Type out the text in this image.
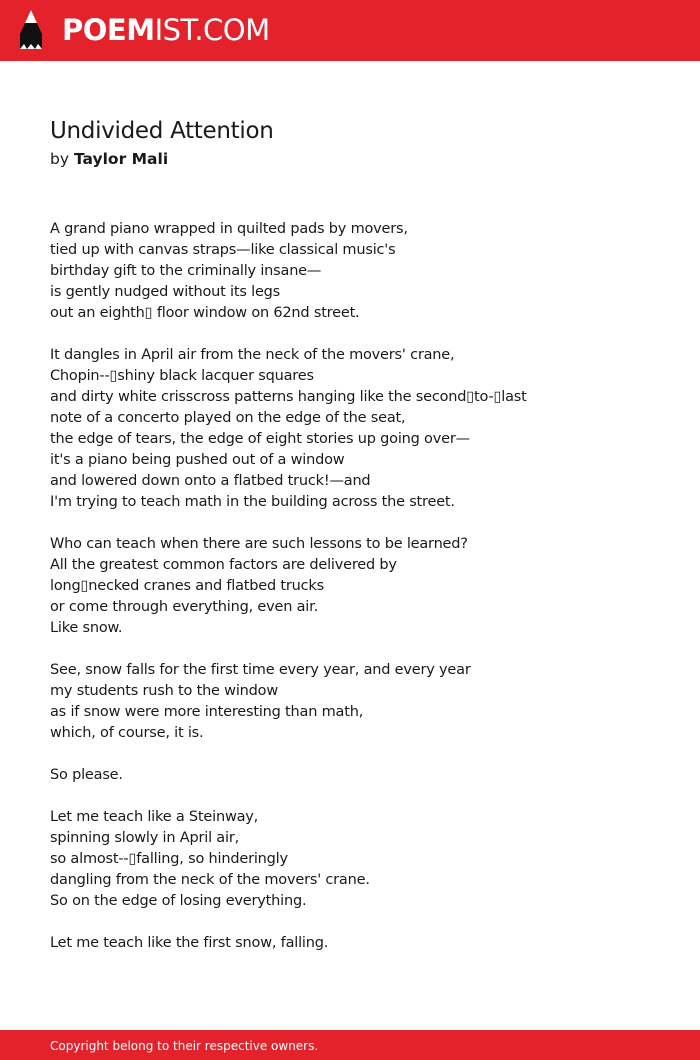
POEMIST.COM
Undivided Attention
by Taylor Mali
A grand piano wrapped in quilted pads by movers,
tied up with canvas straps—like classical music's
birthday gift to the criminally insane—
is gently nudged without its legs
out an eighth▯ floor window on 62nd street.
It dangles in April air from the neck of the movers' crane,
Chopin--▯shiny black lacquer squares
and dirty white crisscross patterns hanging like the second▯to-▯last
note of a concerto played on the edge of the seat,
the edge of tears, the edge of eight stories up going over—
it's a piano being pushed out of a window
and lowered down onto a flatbed truck!—and
I'm trying to teach math in the building across the street.
Who can teach when there are such lessons to be learned?
All the greatest common factors are delivered by
long▯necked cranes and flatbed trucks
or come through everything, even air.
Like snow.
See, snow falls for the first time every year, and every year
my students rush to the window
as if snow were more interesting than math,
which, of course, it is.
So please.
Let me teach like a Steinway,
spinning slowly in April air,
so almost--▯falling, so hinderingly
dangling from the neck of the movers' crane.
So on the edge of losing everything.
Let me teach like the first snow, falling.
Copyright belong to their respective owners.
